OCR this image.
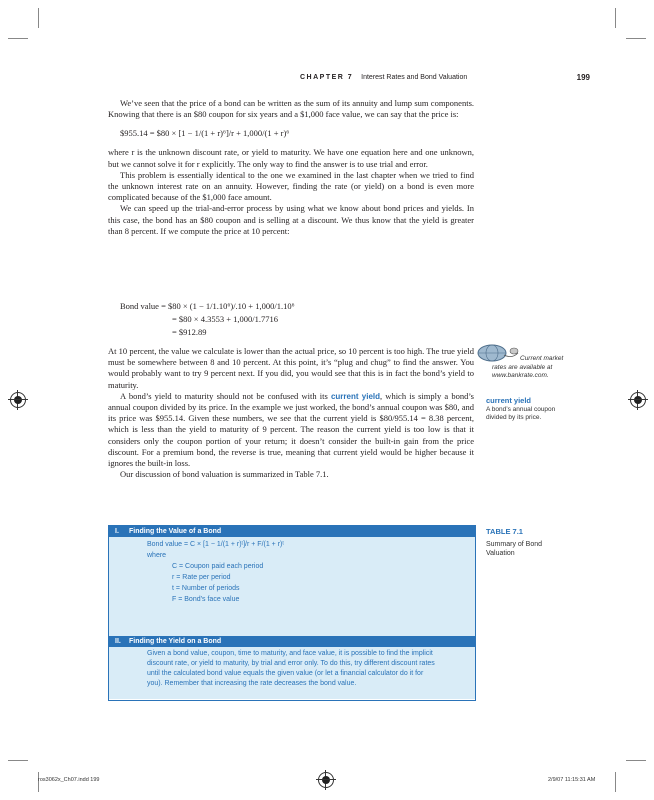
CHAPTER 7 Interest Rates and Bond Valuation	199

We’ve seen that the price of a bond can be written as the sum of its annuity and lump sum components. Knowing that there is an $80 coupon for six years and a $1,000 face value, we can say that the price is:

$955.14 = $80 × [1 − 1/(1 + r)⁶]/r + 1,000/(1 + r)⁶

where r is the unknown discount rate, or yield to maturity. We have one equation here and one unknown, but we cannot solve it for r explicitly. The only way to find the answer is to use trial and error.

This problem is essentially identical to the one we examined in the last chapter when we tried to find the unknown interest rate on an annuity. However, finding the rate (or yield) on a bond is even more complicated because of the $1,000 face amount.

We can speed up the trial-and-error process by using what we know about bond prices and yields. In this case, the bond has an $80 coupon and is selling at a discount. We thus know that the yield is greater than 8 percent. If we compute the price at 10 percent:

Bond value = $80 × (1 − 1/1.10⁶)/.10 + 1,000/1.10⁶
= $80 × 4.3553 + 1,000/1.7716
= $912.89

At 10 percent, the value we calculate is lower than the actual price, so 10 percent is too high. The true yield must be somewhere between 8 and 10 percent. At this point, it’s “plug and chug” to find the answer. You would probably want to try 9 percent next. If you did, you would see that this is in fact the bond’s yield to maturity.

A bond’s yield to maturity should not be confused with its current yield, which is simply a bond’s annual coupon divided by its price. In the example we just worked, the bond’s annual coupon was $80, and its price was $955.14. Given these numbers, we see that the current yield is $80/955.14 = 8.38 percent, which is less than the yield to maturity of 9 percent. The reason the current yield is too low is that it considers only the coupon portion of your return; it doesn’t consider the built-in gain from the price discount. For a premium bond, the reverse is true, meaning that current yield would be higher because it ignores the built-in loss.

Our discussion of bond valuation is summarized in Table 7.1.

Current market
rates are available at
www.bankrate.com.
current yield
A bond’s annual coupon divided by its price.
I. Finding the Value of a Bond
Bond value = C × [1 − 1/(1 + r)ᵗ]/r + F/(1 + r)ᵗ
where
C = Coupon paid each period
r = Rate per period
t = Number of periods
F = Bond’s face value
II. Finding the Yield on a Bond
Given a bond value, coupon, time to maturity, and face value, it is possible to find the implicit
discount rate, or yield to maturity, by trial and error only. To do this, try different discount rates
until the calculated bond value equals the given value (or let a financial calculator do it for
you). Remember that increasing the rate decreases the bond value.
TABLE 7.1
Summary of Bond Valuation
ros3062x_Ch07.indd 199	2/9/07 11:15:31 AM
